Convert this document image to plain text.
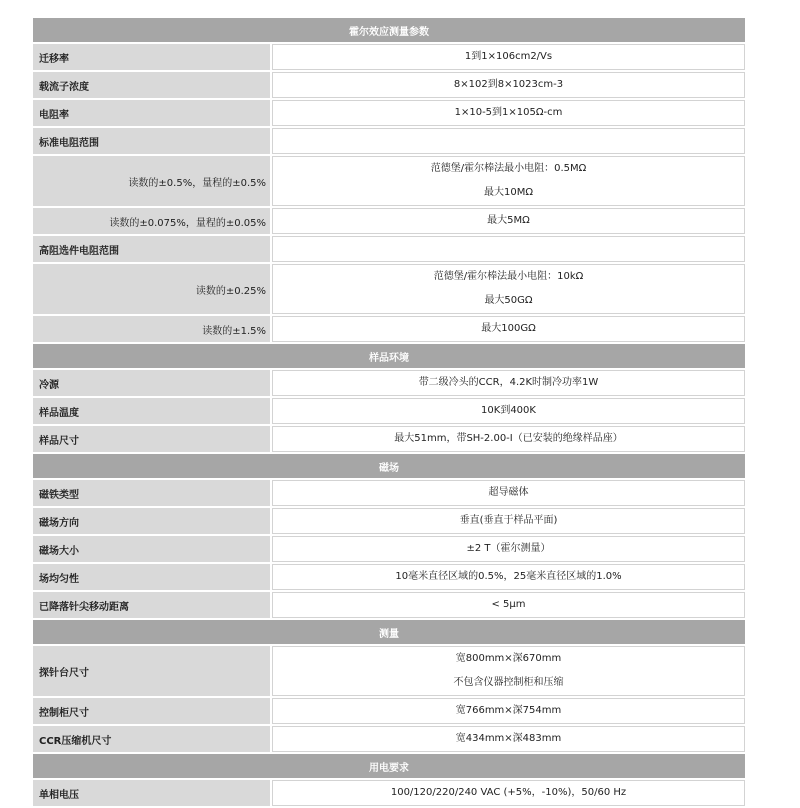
霍尔效应测量参数	
迁移率	1到1×106cm2/Vs

载流子浓度	8×102到8×1023cm-3

电阻率	1×10-5到1×105Ω-cm

标准电阻范围	

读数的±0.5%，量程的±0.5%	范德堡/霍尔棒法最小电阻：0.5MΩ
最大10MΩ

读数的±0.075%，量程的±0.05%	最大5MΩ

高阻选件电阻范围	

读数的±0.25%	范德堡/霍尔棒法最小电阻：10kΩ
最大50GΩ

读数的±1.5%	最大100GΩ

样品环境	
冷源	带二级冷头的CCR，4.2K时制冷功率1W

样品温度	10K到400K

样品尺寸	最大51mm，带SH-2.00-I（已安装的绝缘样品座）

磁场	
磁铁类型	超导磁体

磁场方向	垂直(垂直于样品平面)

磁场大小	±2 T（霍尔测量）

场均匀性	10毫米直径区域的0.5%，25毫米直径区域的1.0%

已降落针尖移动距离	< 5μm

测量	
探针台尺寸	宽800mm×深670mm
不包含仪器控制柜和压缩

控制柜尺寸	宽766mm×深754mm

CCR压缩机尺寸	宽434mm×深483mm

用电要求	
单相电压	100/120/220/240 VAC (+5%，-10%)，50/60 Hz
